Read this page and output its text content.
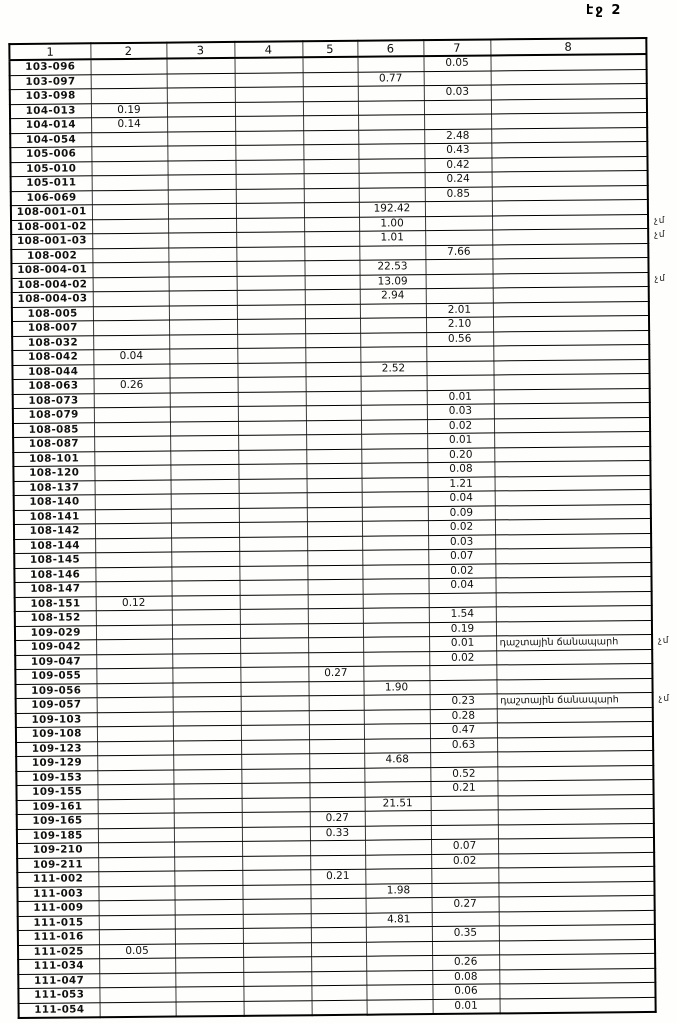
էջ 2
1	2	3	4	5	6	7	8
103-096						0.05	
103-097					0.77		
103-098						0.03	
104-013	0.19						
104-014	0.14						
104-054						2.48	
105-006						0.43	
105-010						0.42	
105-011						0.24	
106-069						0.85	
108-001-01					192.42		
108-001-02					1.00		չմ

108-001-03					1.01		չմ

108-002						7.66	
108-004-01					22.53		
108-004-02					13.09		չմ

108-004-03					2.94		
108-005						2.01	
108-007						2.10	
108-032						0.56	
108-042	0.04						
108-044					2.52		
108-063	0.26						
108-073						0.01	
108-079						0.03	
108-085						0.02	
108-087						0.01	
108-101						0.20	
108-120						0.08	
108-137						1.21	
108-140						0.04	
108-141						0.09	
108-142						0.02	
108-144						0.03	
108-145						0.07	
108-146						0.02	
108-147						0.04	
108-151	0.12						
108-152						1.54	
109-029						0.19	
109-042						0.01	դաշտային ճանապարհ չմ

109-047						0.02	
109-055				0.27			
109-056					1.90		
109-057						0.23	դաշտային ճանապարհ չմ

109-103						0.28	
109-108						0.47	
109-123						0.63	
109-129					4.68		
109-153						0.52	
109-155						0.21	
109-161					21.51		
109-165				0.27			
109-185				0.33			
109-210						0.07	
109-211						0.02	
111-002				0.21			
111-003					1.98		
111-009						0.27	
111-015					4.81		
111-016						0.35	
111-025	0.05						
111-034						0.26	
111-047						0.08	
111-053						0.06	
111-054						0.01	
